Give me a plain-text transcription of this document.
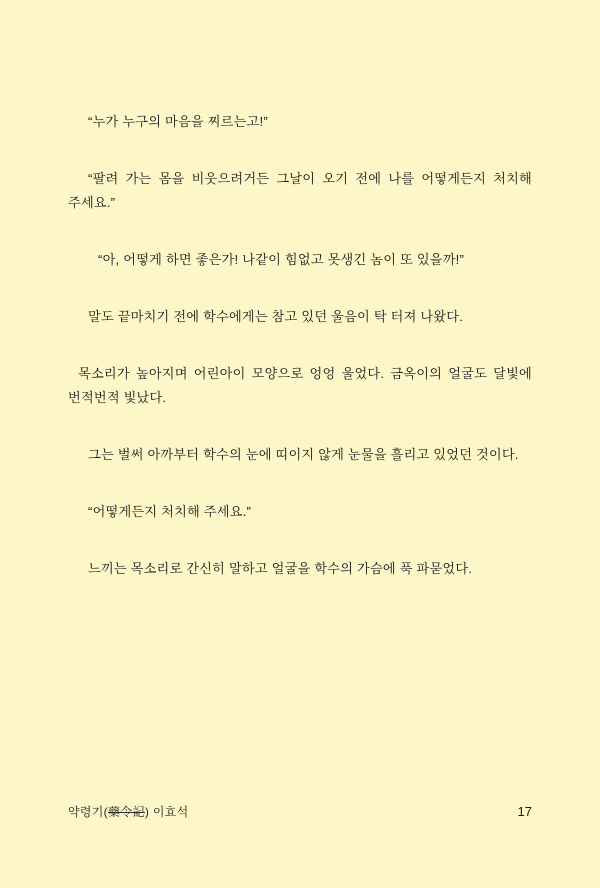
“누가 누구의 마음을 찌르는고!”

“팔려 가는 몸을 비웃으려거든 그날이 오기 전에 나를 어떻게든지 처치해 주세요.”

“아, 어떻게 하면 좋은가! 나같이 힘없고 못생긴 놈이 또 있을까!”

말도 끝마치기 전에 학수에게는 참고 있던 울음이 탁 터져 나왔다.

목소리가 높아지며 어린아이 모양으로 엉엉 울었다. 금옥이의 얼굴도 달빛에 번적번적 빛났다.

그는 벌써 아까부터 학수의 눈에 띠이지 않게 눈물을 흘리고 있었던 것이다.

“어떻게든지 처치해 주세요.”

느끼는 목소리로 간신히 말하고 얼굴을 학수의 가슴에 푹 파묻었다.

약령기(藥令記) 이효석	17
